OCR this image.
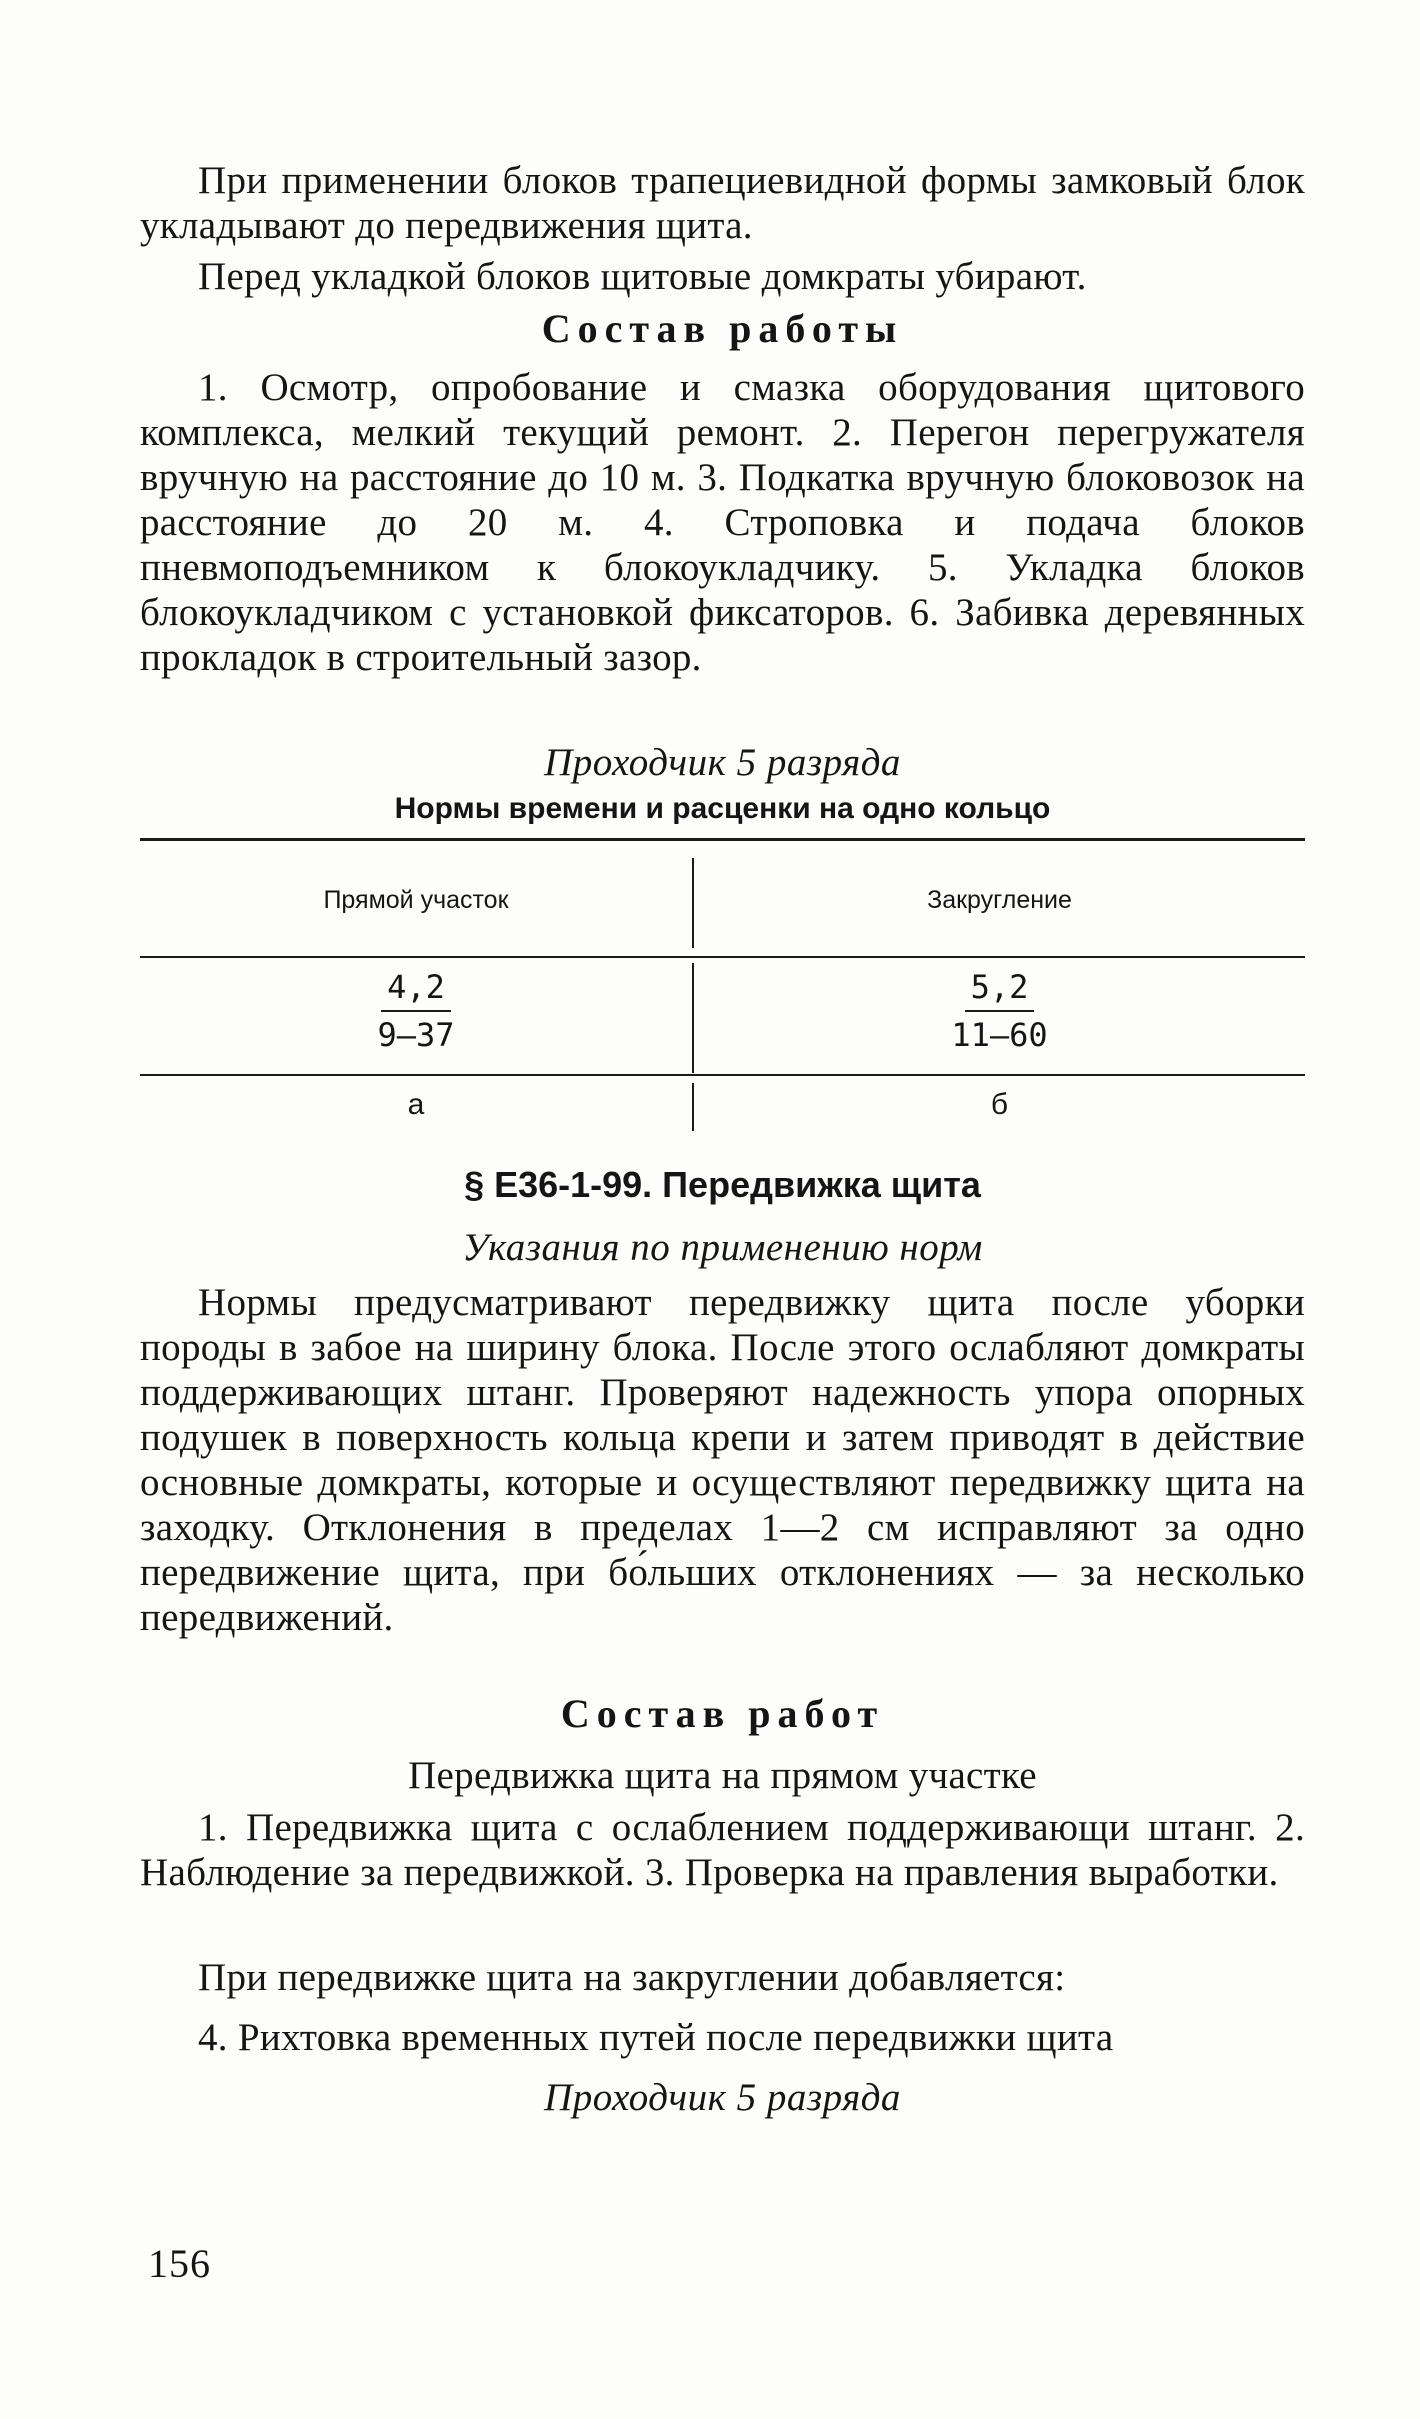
При применении блоков трапециевидной формы замковый блок укладывают до передвижения щита.

Перед укладкой блоков щитовые домкраты убирают.

Состав работы

1. Осмотр, опробование и смазка оборудования щитового комплекса, мелкий текущий ремонт. 2. Перегон перегружателя вручную на расстояние до 10 м. 3. Подкатка вручную блоковозок на расстояние до 20 м. 4. Строповка и подача блоков пневмоподъемником к блокоукладчику. 5. Укладка блоков блокоукладчиком с установкой фиксаторов. 6. Забивка деревянных прокладок в строительный зазор.

Проходчик 5 разряда

Нормы времени и расценки на одно кольцо

Прямой участок	Закругление
$\frac{4,2}{9—37} \frac{5,2}{11—60}$
а	б

§ Е36-1-99. Передвижка щита

Указания по применению норм

Нормы предусматривают передвижку щита после уборки породы в забое на ширину блока. После этого ослабляют домкраты поддерживающих штанг. Проверяют надежность упора опорных подушек в поверхность кольца крепи и затем приводят в действие основные домкраты, которые и осуществляют передвижку щита на заходку. Отклонения в пределах 1—2 см исправляют за одно передвижение щита, при бо́льших отклонениях — за несколько передвижений.

Состав работ

Передвижка щита на прямом участке

1. Передвижка щита с ослаблением поддерживающи штанг. 2. Наблюдение за передвижкой. 3. Проверка на правления выработки.

При передвижке щита на закруглении добавляется:

4. Рихтовка временных путей после передвижки щита

Проходчик 5 разряда

156
